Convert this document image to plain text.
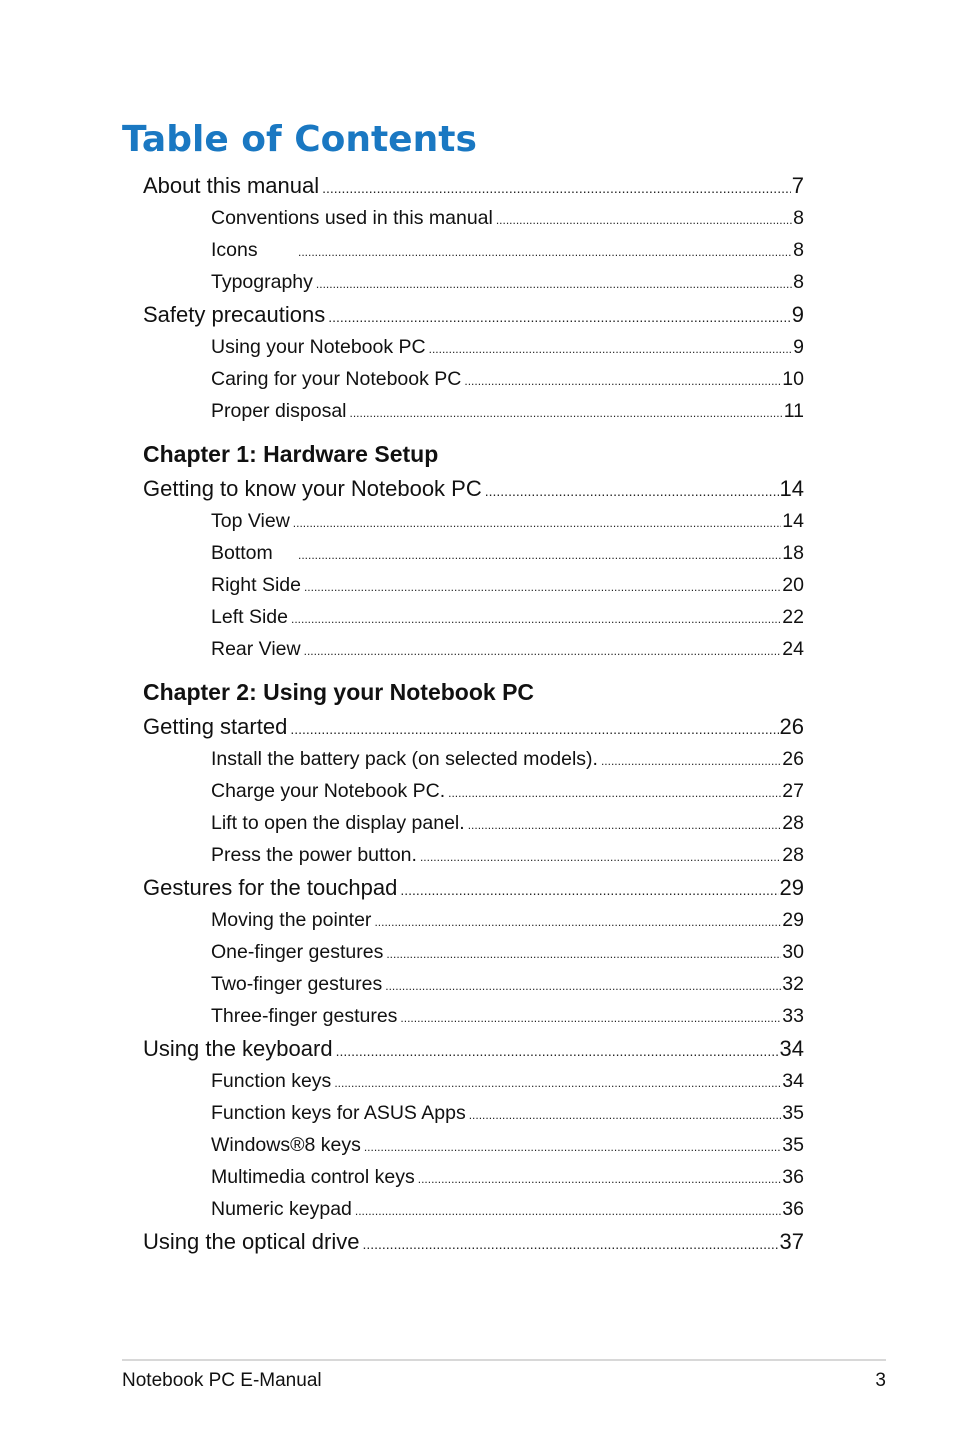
Table of Contents
About this manual .....	7
Conventions used in this manual .....	8
Icons .....	8
Typography .....	8
Safety precautions .....	9
Using your Notebook PC .....	9
Caring for your Notebook PC .....	10
Proper disposal .....	11
Chapter 1: Hardware Setup
Getting to know your Notebook PC .....	14
Top View .....	14
Bottom .....	18
Right Side .....	20
Left Side .....	22
Rear View .....	24
Chapter 2: Using your Notebook PC
Getting started .....	26
Install the battery pack (on selected models). .....	26
Charge your Notebook PC. .....	27
Lift to open the display panel. .....	28
Press the power button. .....	28
Gestures for the touchpad .....	29
Moving the pointer .....	29
One-finger gestures .....	30
Two-finger gestures .....	32
Three-finger gestures .....	33
Using the keyboard .....	34
Function keys .....	34
Function keys for ASUS Apps .....	35
Windows®8 keys .....	35
Multimedia control keys .....	36
Numeric keypad .....	36
Using the optical drive .....	37
Notebook PC E-Manual	3
